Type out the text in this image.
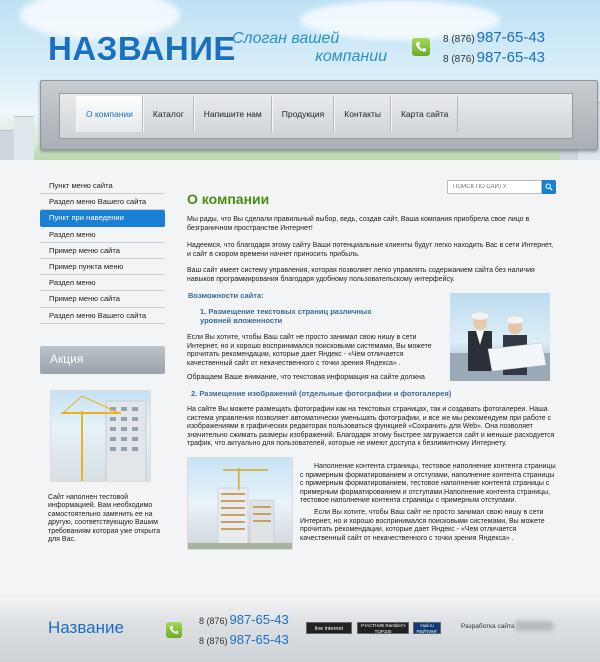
НАЗВАНИЕ
Слоган вашей
компании
8 (876) 987-65-43
8 (876) 987-65-43
О компании	Каталог	Напишите нам	Продукция	Контакты	Карта сайта
Пункт меню сайта
Раздел меню Вашего сайта
Пункт при наведении
Раздел меню
Пример меню сайта
Пример пункта меню
Раздел меню
Пример меню сайта
Раздел меню Вашего сайта
Акция
Сайт наполнен тестовой информацией. Вам необходимо самостоятельно заменить ее на другую, соответствующую Вашим требованиям которая уже открыта для Вас.
ПОИСК ПО САЙТУ
О компании
Мы рады, что Вы сделали правильный выбор, ведь, создав сайт, Ваша компания приобрела свое лицо в безграничном пространстве Интернет!
Надеемся, что благодаря этому сайту Ваши потенциальные клиенты будут легко находить Вас в сети Интернет, и сайт в скором времени начнет приносить прибыль.
Ваш сайт имеет систему управления, которая позволяет легко управлять содержанием сайта без наличия навыков программирования благодаря удобному пользовательскому интерфейсу.
Возможности сайта:
1. Размещение текстовых страниц различных уровней вложенности
Если Вы хотите, чтобы Ваш сайт не просто занимал свою нишу в сети Интернет, но и хорошо воспринимался поисковыми системами, Вы можете прочитать рекомендации, которые дает Яндекс - «Чем отличается качественный сайт от некачественного с точки зрения Яндекса» .
Обращаем Ваше внимание, что текстовая информация на сайте должна
2. Размещение изображений (отдельные фотографии и фотогалерея)
На сайте Вы можете размещать фотографии как на текстовых страницах, так и создавать фотогалереи. Наша система управления позволяет автоматически уменьшать фотографии, и все же мы рекомендуем при работе с изображениями в графических редакторах пользоваться функцией «Сохранить для Web». Она позволяет значительно сжимать размеры изображений. Благодаря этому быстрее загружается сайт и меньше расходуется трафик, что актуально для пользователей, которые не имеют доступа к безлимитному Интернету.
Наполнение контента страницы, тестовое наполнение контента страницы с примерным форматированием и отступами, наполнение контента страницы с примерным форматированием, тестовое наполнение контента страницы с примерным форматированием и отступами.Наполнение контента страницы, тестовое наполнение контента страницы с примерным отступами.
Если Вы хотите, чтобы Ваш сайт не просто занимал свою нишу в сети Интернет, но и хорошо воспринимался поисковыми системами, Вы можете прочитать рекомендации, которые дает Яндекс - «Чем отличается качественный сайт от некачественного с точки зрения Яндекса» .
Название	8 (876) 987-65-43
8 (876) 987-65-43
live internet
УЧАСТНИК Rambler's TOP100
mail.ru РЕЙТИНГ
Разработка сайта
